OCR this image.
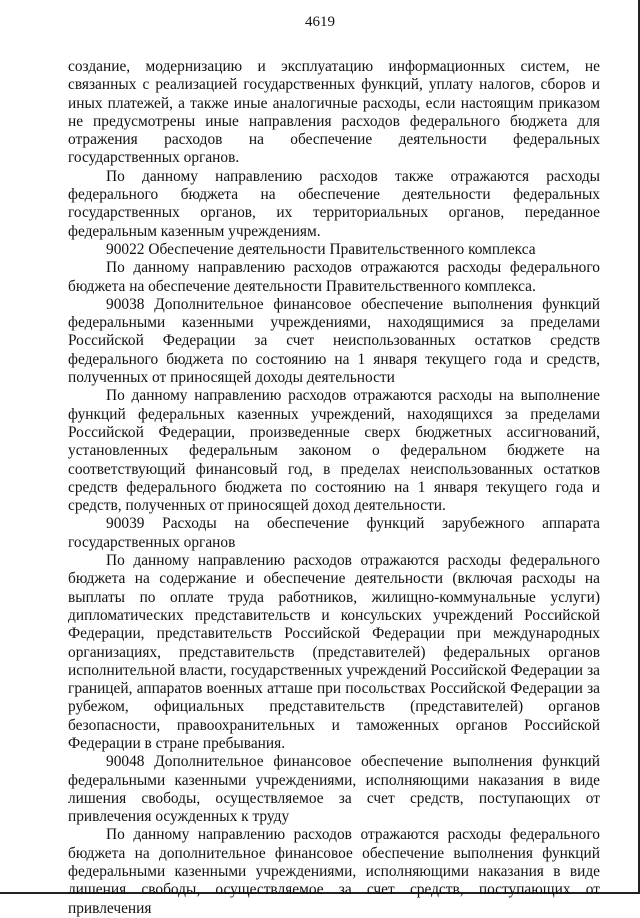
4619

создание, модернизацию и эксплуатацию информационных систем, не связанных с реализацией государственных функций, уплату налогов, сборов и иных платежей, а также иные аналогичные расходы, если настоящим приказом не предусмотрены иные направления расходов федерального бюджета для отражения расходов на обеспечение деятельности федеральных государственных органов.

По данному направлению расходов также отражаются расходы федерального бюджета на обеспечение деятельности федеральных государственных органов, их территориальных органов, переданное федеральным казенным учреждениям.

90022 Обеспечение деятельности Правительственного комплекса

По данному направлению расходов отражаются расходы федерального бюджета на обеспечение деятельности Правительственного комплекса.

90038 Дополнительное финансовое обеспечение выполнения функций федеральными казенными учреждениями, находящимися за пределами Российской Федерации за счет неиспользованных остатков средств федерального бюджета по состоянию на 1 января текущего года и средств, полученных от приносящей доходы деятельности

По данному направлению расходов отражаются расходы на выполнение функций федеральных казенных учреждений, находящихся за пределами Российской Федерации, произведенные сверх бюджетных ассигнований, установленных федеральным законом о федеральном бюджете на соответствующий финансовый год, в пределах неиспользованных остатков средств федерального бюджета по состоянию на 1 января текущего года и средств, полученных от приносящей доход деятельности.

90039 Расходы на обеспечение функций зарубежного аппарата государственных органов

По данному направлению расходов отражаются расходы федерального бюджета на содержание и обеспечение деятельности (включая расходы на выплаты по оплате труда работников, жилищно-коммунальные услуги) дипломатических представительств и консульских учреждений Российской Федерации, представительств Российской Федерации при международных организациях, представительств (представителей) федеральных органов исполнительной власти, государственных учреждений Российской Федерации за границей, аппаратов военных атташе при посольствах Российской Федерации за рубежом, официальных представительств (представителей) органов безопасности, правоохранительных и таможенных органов Российской Федерации в стране пребывания.

90048 Дополнительное финансовое обеспечение выполнения функций федеральными казенными учреждениями, исполняющими наказания в виде лишения свободы, осуществляемое за счет средств, поступающих от привлечения осужденных к труду

По данному направлению расходов отражаются расходы федерального бюджета на дополнительное финансовое обеспечение выполнения функций федеральными казенными учреждениями, исполняющими наказания в виде лишения свободы, осуществляемое за счет средств, поступающих от привлечения
